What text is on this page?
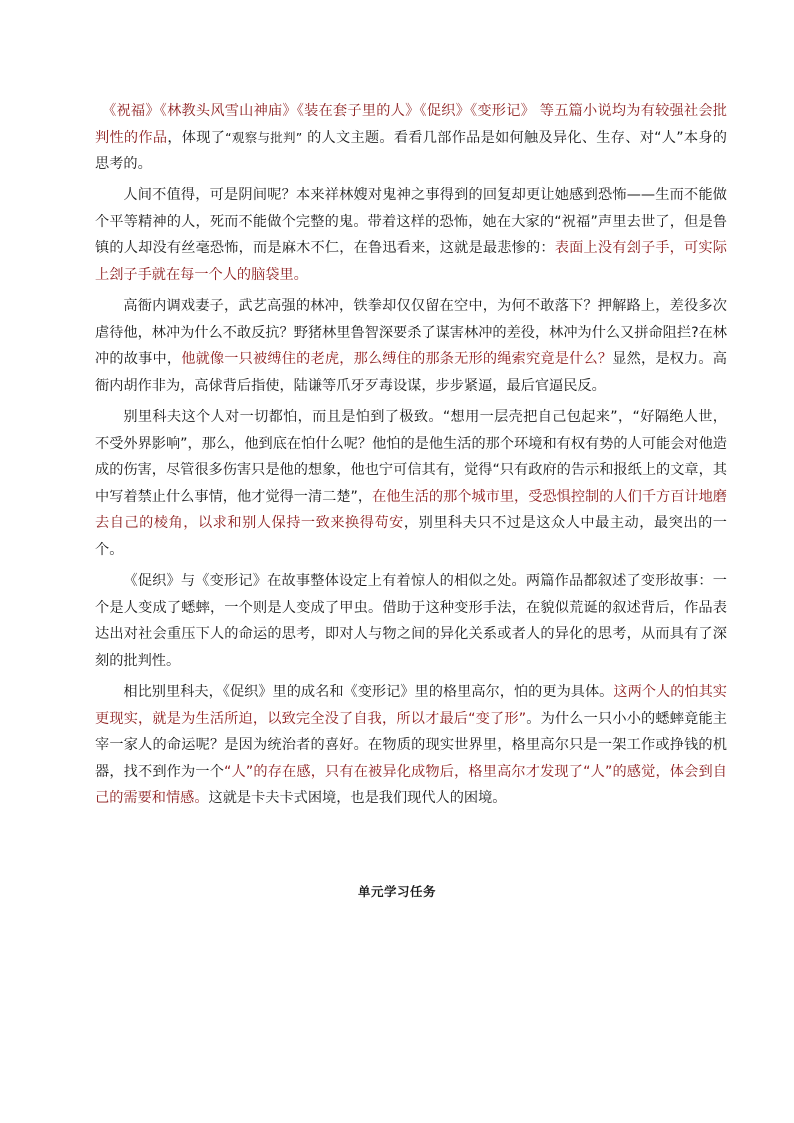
《祝福》《林教头风雪山神庙》《装在套子里的人》《促织》《变形记》 等五篇小说均为有较强社会批判性的作品，体现了“观察与批判” 的人文主题。看看几部作品是如何触及异化、生存、对“人”本身的思考的。

人间不值得，可是阴间呢？本来祥林嫂对鬼神之事得到的回复却更让她感到恐怖——生而不能做个平等精神的人，死而不能做个完整的鬼。带着这样的恐怖，她在大家的“祝福”声里去世了，但是鲁镇的人却没有丝毫恐怖，而是麻木不仁，在鲁迅看来，这就是最悲惨的：表面上没有刽子手，可实际上刽子手就在每一个人的脑袋里。

高衙内调戏妻子，武艺高强的林冲，铁拳却仅仅留在空中，为何不敢落下？押解路上，差役多次虐待他，林冲为什么不敢反抗？野猪林里鲁智深要杀了谋害林冲的差役，林冲为什么又拼命阻拦?在林冲的故事中，他就像一只被缚住的老虎，那么缚住的那条无形的绳索究竟是什么？显然，是权力。高衙内胡作非为，高俅背后指使，陆谦等爪牙歹毒设谋，步步紧逼，最后官逼民反。

别里科夫这个人对一切都怕，而且是怕到了极致。“想用一层壳把自己包起来”，“好隔绝人世，不受外界影响”，那么，他到底在怕什么呢？他怕的是他生活的那个环境和有权有势的人可能会对他造成的伤害，尽管很多伤害只是他的想象，他也宁可信其有，觉得“只有政府的告示和报纸上的文章，其中写着禁止什么事情，他才觉得一清二楚”，在他生活的那个城市里，受恐惧控制的人们千方百计地磨去自己的棱角，以求和别人保持一致来换得苟安，别里科夫只不过是这众人中最主动，最突出的一个。

《促织》与《变形记》在故事整体设定上有着惊人的相似之处。两篇作品都叙述了变形故事：一个是人变成了蟋蟀，一个则是人变成了甲虫。借助于这种变形手法，在貌似荒诞的叙述背后，作品表达出对社会重压下人的命运的思考，即对人与物之间的异化关系或者人的异化的思考，从而具有了深刻的批判性。

相比别里科夫，《促织》里的成名和《变形记》里的格里高尔，怕的更为具体。这两个人的怕其实更现实，就是为生活所迫，以致完全没了自我，所以才最后“变了形”。为什么一只小小的蟋蟀竟能主宰一家人的命运呢？是因为统治者的喜好。在物质的现实世界里，格里高尔只是一架工作或挣钱的机器，找不到作为一个“人”的存在感，只有在被异化成物后，格里高尔才发现了“人”的感觉，体会到自己的需要和情感。这就是卡夫卡式困境，也是我们现代人的困境。

单元学习任务
